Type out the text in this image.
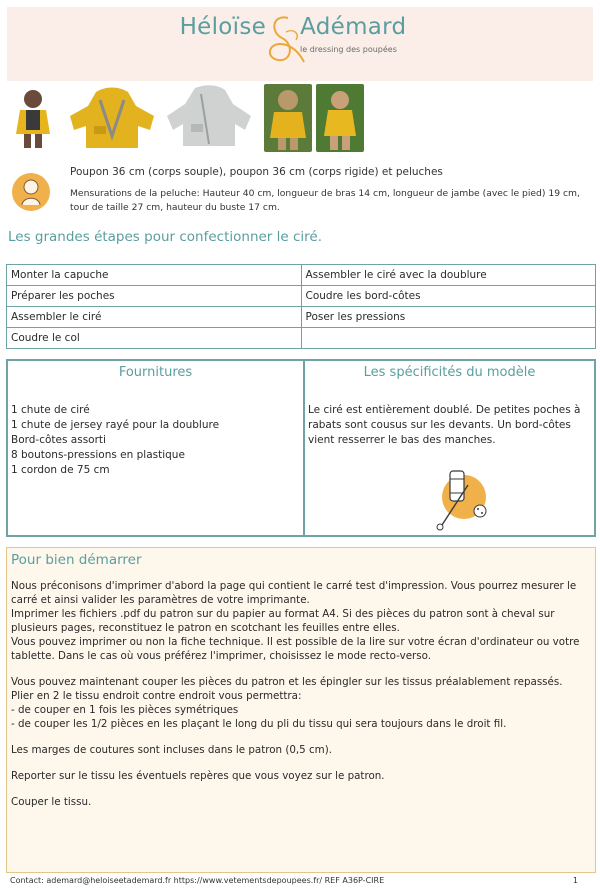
Héloïse Adémard
le dressing des poupées
Poupon 36 cm (corps souple), poupon 36 cm (corps rigide) et peluches
Mensurations de la peluche: Hauteur 40 cm, longueur de bras 14 cm, longueur de jambe (avec le pied) 19 cm, tour de taille 27 cm, hauteur du buste 17 cm.
Les grandes étapes pour confectionner le ciré.
Monter la capuche	Assembler le ciré avec la doublure
Préparer les poches	Coudre les bord-côtes
Assembler le ciré	Poser les pressions
Coudre le col	
Fournitures
1 chute de ciré
1 chute de jersey rayé pour la doublure
Bord-côtes assorti
8 boutons-pressions en plastique
1 cordon de 75 cm
Les spécificités du modèle
Le ciré est entièrement doublé. De petites poches à rabats sont cousus sur les devants. Un bord-côtes vient resserrer le bas des manches.
Pour bien démarrer

Nous préconisons d'imprimer d'abord la page qui contient le carré test d'impression. Vous pourrez mesurer le carré et ainsi valider les paramètres de votre imprimante.

Imprimer les fichiers .pdf du patron sur du papier au format A4. Si des pièces du patron sont à cheval sur plusieurs pages, reconstituez le patron en scotchant les feuilles entre elles.

Vous pouvez imprimer ou non la fiche technique. Il est possible de la lire sur votre écran d'ordinateur ou votre tablette. Dans le cas où vous préférez l'imprimer, choisissez le mode recto-verso.

Vous pouvez maintenant couper les pièces du patron et les épingler sur les tissus préalablement repassés.

Plier en 2 le tissu endroit contre endroit vous permettra:

- de couper en 1 fois les pièces symétriques

- de couper les 1/2 pièces en les plaçant le long du pli du tissu qui sera toujours dans le droit fil.

Les marges de coutures sont incluses dans le patron (0,5 cm).

Reporter sur le tissu les éventuels repères que vous voyez sur le patron.

Couper le tissu.

Contact: ademard@heloiseetademard.fr https://www.vetementsdepoupees.fr/ REF A36P-CIRE	1
